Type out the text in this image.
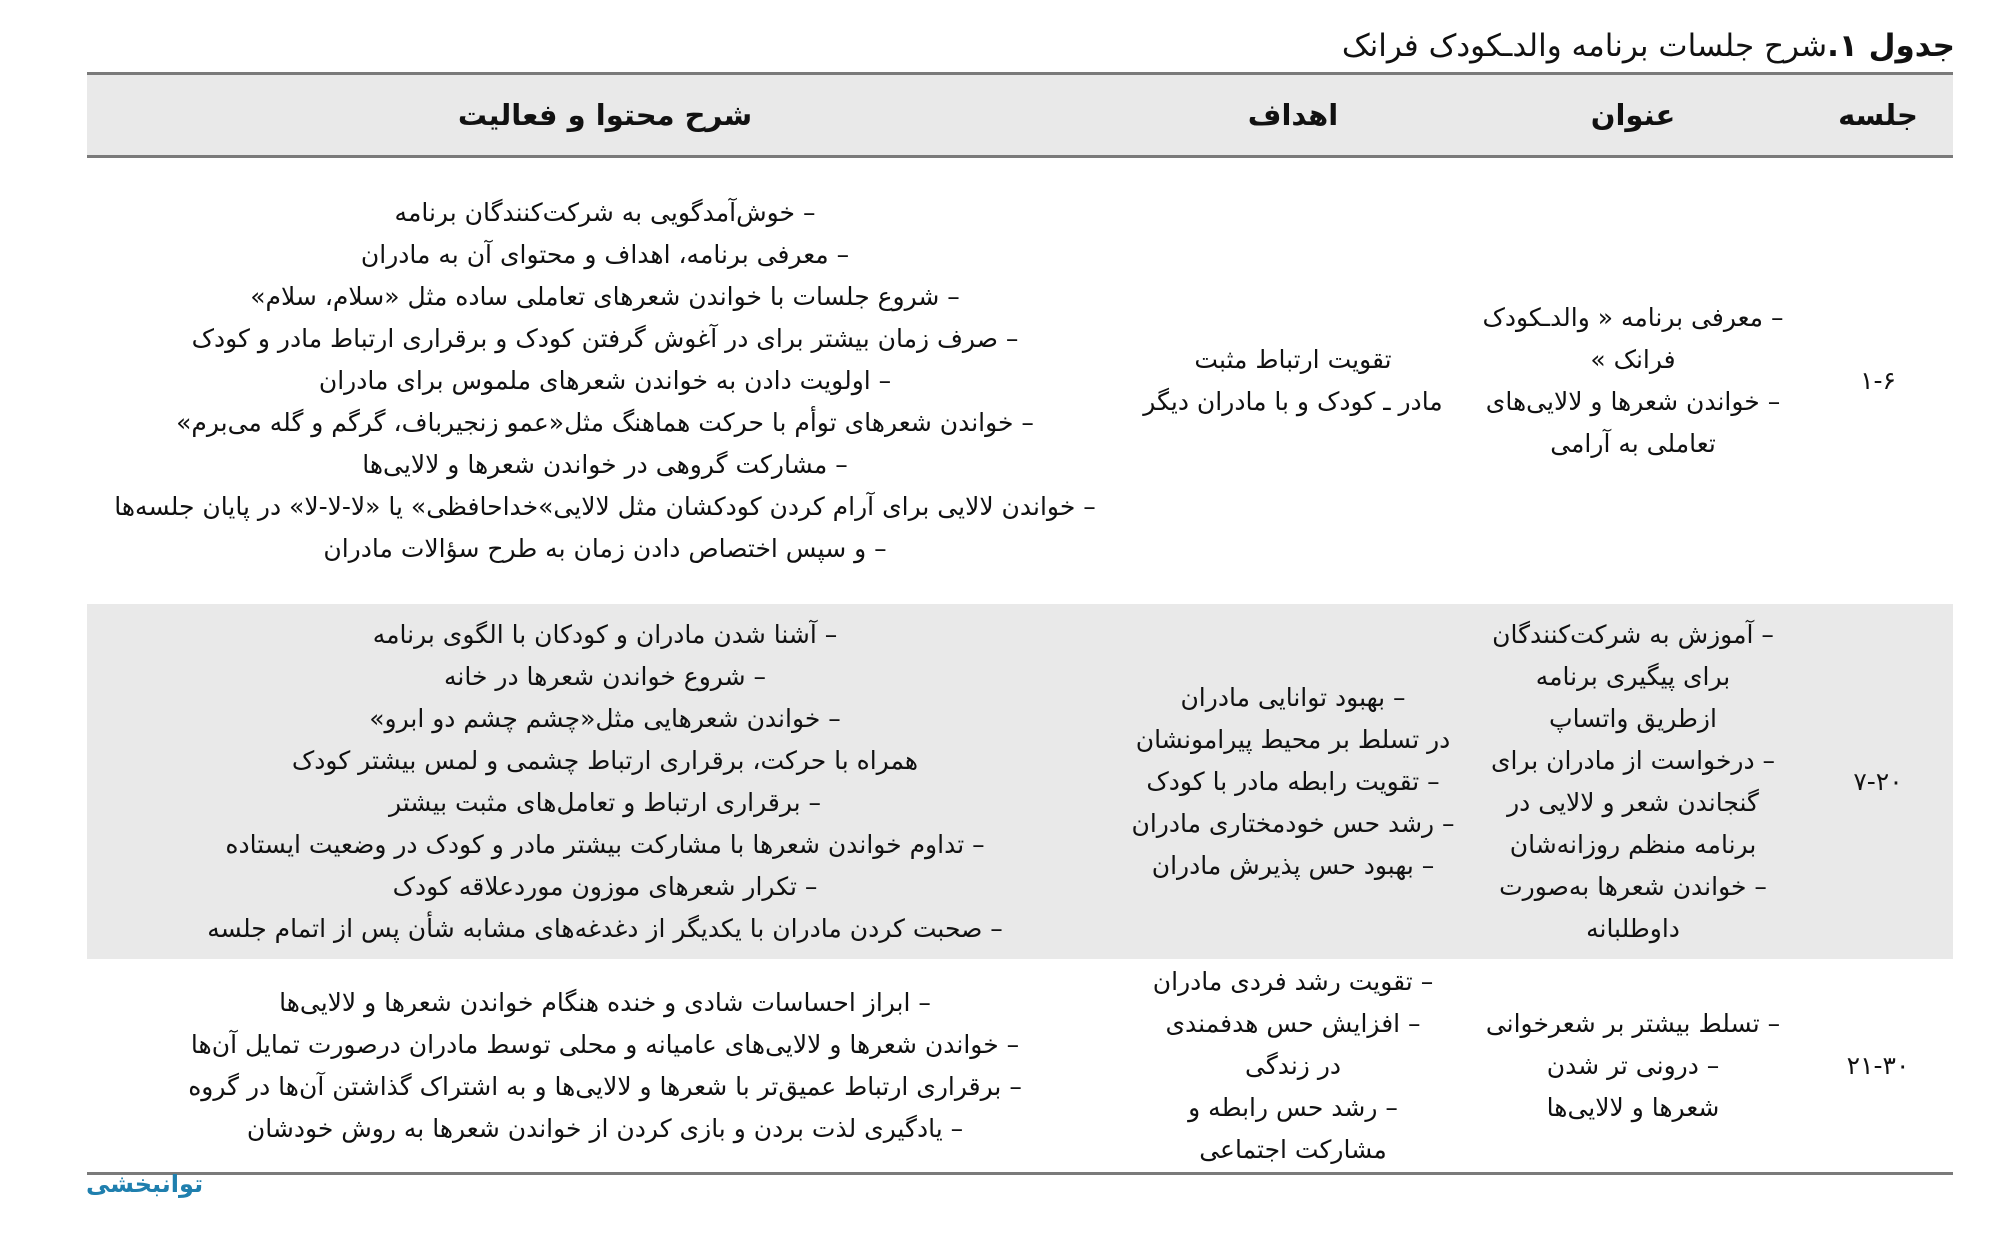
جدول ۱.شرح جلسات برنامه والدـکودک فرانک
جلسه
عنوان
اهداف
شرح محتوا و فعالیت
۱-۶
– معرفی برنامه « والدـکودک
فرانک »
– خواندن شعرها و لالایی‌های
تعاملی به آرامی
تقویت ارتباط مثبت
مادر ـ کودک و با مادران دیگر
– خوش‌آمدگویی به شرکت‌کنندگان برنامه
– معرفی برنامه، اهداف و محتوای آن به مادران
– شروع جلسات با خواندن شعرهای تعاملی ساده مثل «سلام، سلام»
– صرف زمان بیشتر برای در آغوش گرفتن کودک و برقراری ارتباط مادر و کودک
– اولویت دادن به خواندن شعرهای ملموس برای مادران
– خواندن شعرهای توأم با حرکت هماهنگ مثل«عمو زنجیرباف، گرگم و گله می‌برم»
– مشارکت گروهی در خواندن شعرها و لالایی‌ها
– خواندن لالایی برای آرام کردن کودکشان مثل لالایی»خداحافظی» یا «لا-لا-لا» در پایان جلسه‌ها
– و سپس اختصاص دادن زمان به طرح سؤالات مادران
۷-۲۰
– آموزش به شرکت‌کنندگان
برای پیگیری برنامه
ازطریق واتساپ
– درخواست از مادران برای
گنجاندن شعر و لالایی در
برنامه منظم روزانه‌شان
– خواندن شعرها به‌صورت
داوطلبانه
– بهبود توانایی مادران
در تسلط بر محیط پیرامونشان
– تقویت رابطه مادر با کودک
– رشد حس خودمختاری مادران
– بهبود حس پذیرش مادران
– آشنا شدن مادران و کودکان با الگوی برنامه
– شروع خواندن شعرها در خانه
– خواندن شعرهایی مثل«چشم چشم دو ابرو»
همراه با حرکت، برقراری ارتباط چشمی و لمس بیشتر کودک
– برقراری ارتباط و تعامل‌های مثبت بیشتر
– تداوم خواندن شعرها با مشارکت بیشتر مادر و کودک در وضعیت ایستاده
– تکرار شعرهای موزون موردعلاقه کودک
– صحبت کردن مادران با یکدیگر از دغدغه‌های مشابه شأن پس از اتمام جلسه
۲۱-۳۰
– تسلط بیشتر بر شعرخوانی
– درونی تر شدن
شعرها و لالایی‌ها
– تقویت رشد فردی مادران
– افزایش حس هدفمندی
در زندگی
– رشد حس رابطه و
مشارکت اجتماعی
– ابراز احساسات شادی و خنده هنگام خواندن شعرها و لالایی‌ها
– خواندن شعرها و لالایی‌های عامیانه و محلی توسط مادران درصورت تمایل آن‌ها
– برقراری ارتباط عمیق‌تر با شعرها و لالایی‌ها و به اشتراک گذاشتن آن‌ها در گروه
– یادگیری لذت بردن و بازی کردن از خواندن شعرها به روش خودشان
توانبخشی
